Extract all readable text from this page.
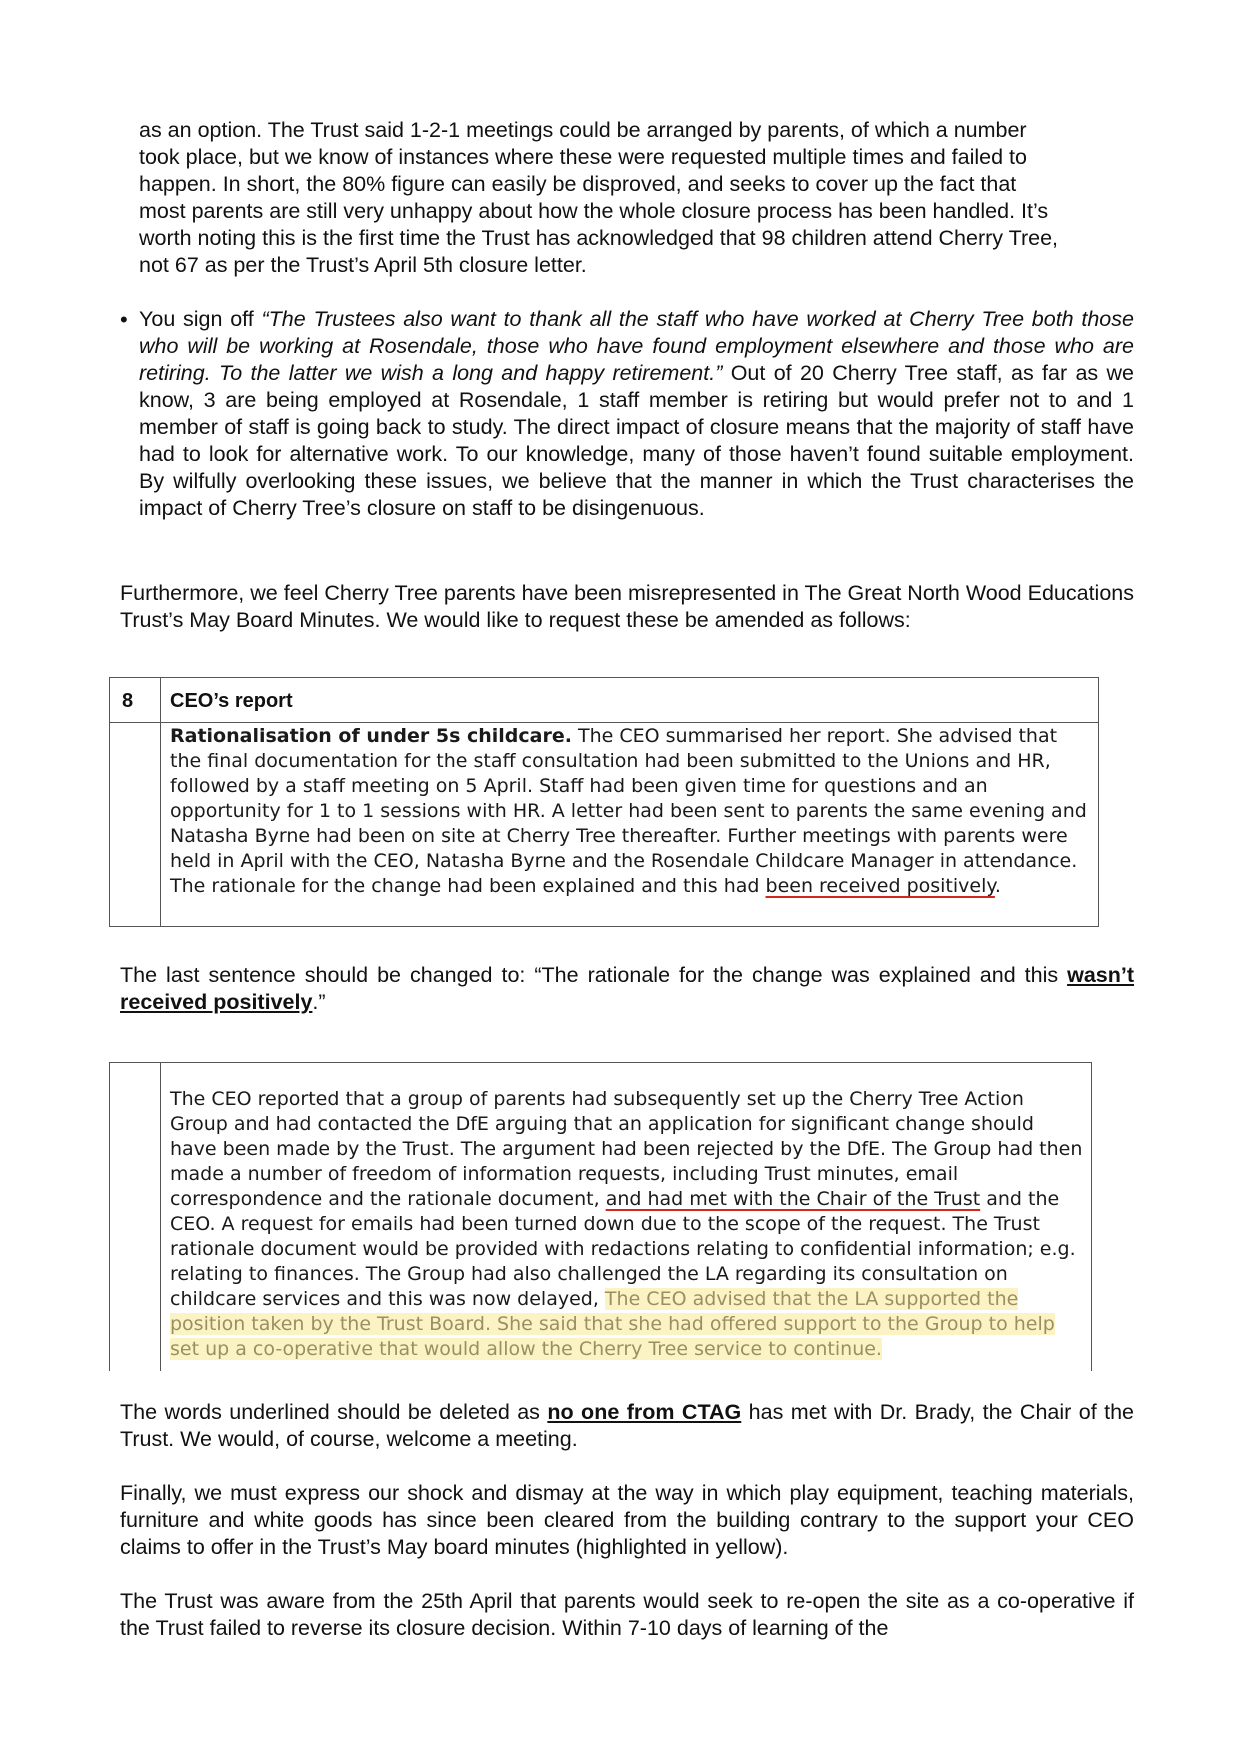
as an option. The Trust said 1-2-1 meetings could be arranged by parents, of which a number
took place, but we know of instances where these were requested multiple times and failed to
happen. In short, the 80% figure can easily be disproved, and seeks to cover up the fact that
most parents are still very unhappy about how the whole closure process has been handled. It’s
worth noting this is the first time the Trust has acknowledged that 98 children attend Cherry Tree,
not 67 as per the Trust’s April 5th closure letter.
• You sign off “The Trustees also want to thank all the staff who have worked at Cherry Tree both those who will be working at Rosendale, those who have found employment elsewhere and those who are retiring. To the latter we wish a long and happy retirement.” Out of 20 Cherry Tree staff, as far as we know, 3 are being employed at Rosendale, 1 staff member is retiring but would prefer not to and 1 member of staff is going back to study. The direct impact of closure means that the majority of staff have had to look for alternative work. To our knowledge, many of those haven’t found suitable employment. By wilfully overlooking these issues, we believe that the manner in which the Trust characterises the impact of Cherry Tree’s closure on staff to be disingenuous.

Furthermore, we feel Cherry Tree parents have been misrepresented in The Great North Wood Educations Trust’s May Board Minutes. We would like to request these be amended as follows:

8 CEO’s report

Rationalisation of under 5s childcare. The CEO summarised her report. She advised that the final documentation for the staff consultation had been submitted to the Unions and HR, followed by a staff meeting on 5 April. Staff had been given time for questions and an opportunity for 1 to 1 sessions with HR. A letter had been sent to parents the same evening and Natasha Byrne had been on site at Cherry Tree thereafter. Further meetings with parents were held in April with the CEO, Natasha Byrne and the Rosendale Childcare Manager in attendance. The rationale for the change had been explained and this had been received positively.

The last sentence should be changed to: “The rationale for the change was explained and this wasn’t received positively.”

The CEO reported that a group of parents had subsequently set up the Cherry Tree Action Group and had contacted the DfE arguing that an application for significant change should have been made by the Trust. The argument had been rejected by the DfE. The Group had then made a number of freedom of information requests, including Trust minutes, email correspondence and the rationale document, and had met with the Chair of the Trust and the CEO. A request for emails had been turned down due to the scope of the request. The Trust rationale document would be provided with redactions relating to confidential information; e.g. relating to finances. The Group had also challenged the LA regarding its consultation on childcare services and this was now delayed, The CEO advised that the LA supported the position taken by the Trust Board. She said that she had offered support to the Group to help set up a co-operative that would allow the Cherry Tree service to continue.

The words underlined should be deleted as no one from CTAG has met with Dr. Brady, the Chair of the Trust. We would, of course, welcome a meeting.

Finally, we must express our shock and dismay at the way in which play equipment, teaching materials, furniture and white goods has since been cleared from the building contrary to the support your CEO claims to offer in the Trust’s May board minutes (highlighted in yellow).

The Trust was aware from the 25th April that parents would seek to re-open the site as a co-operative if the Trust failed to reverse its closure decision. Within 7-10 days of learning of the
